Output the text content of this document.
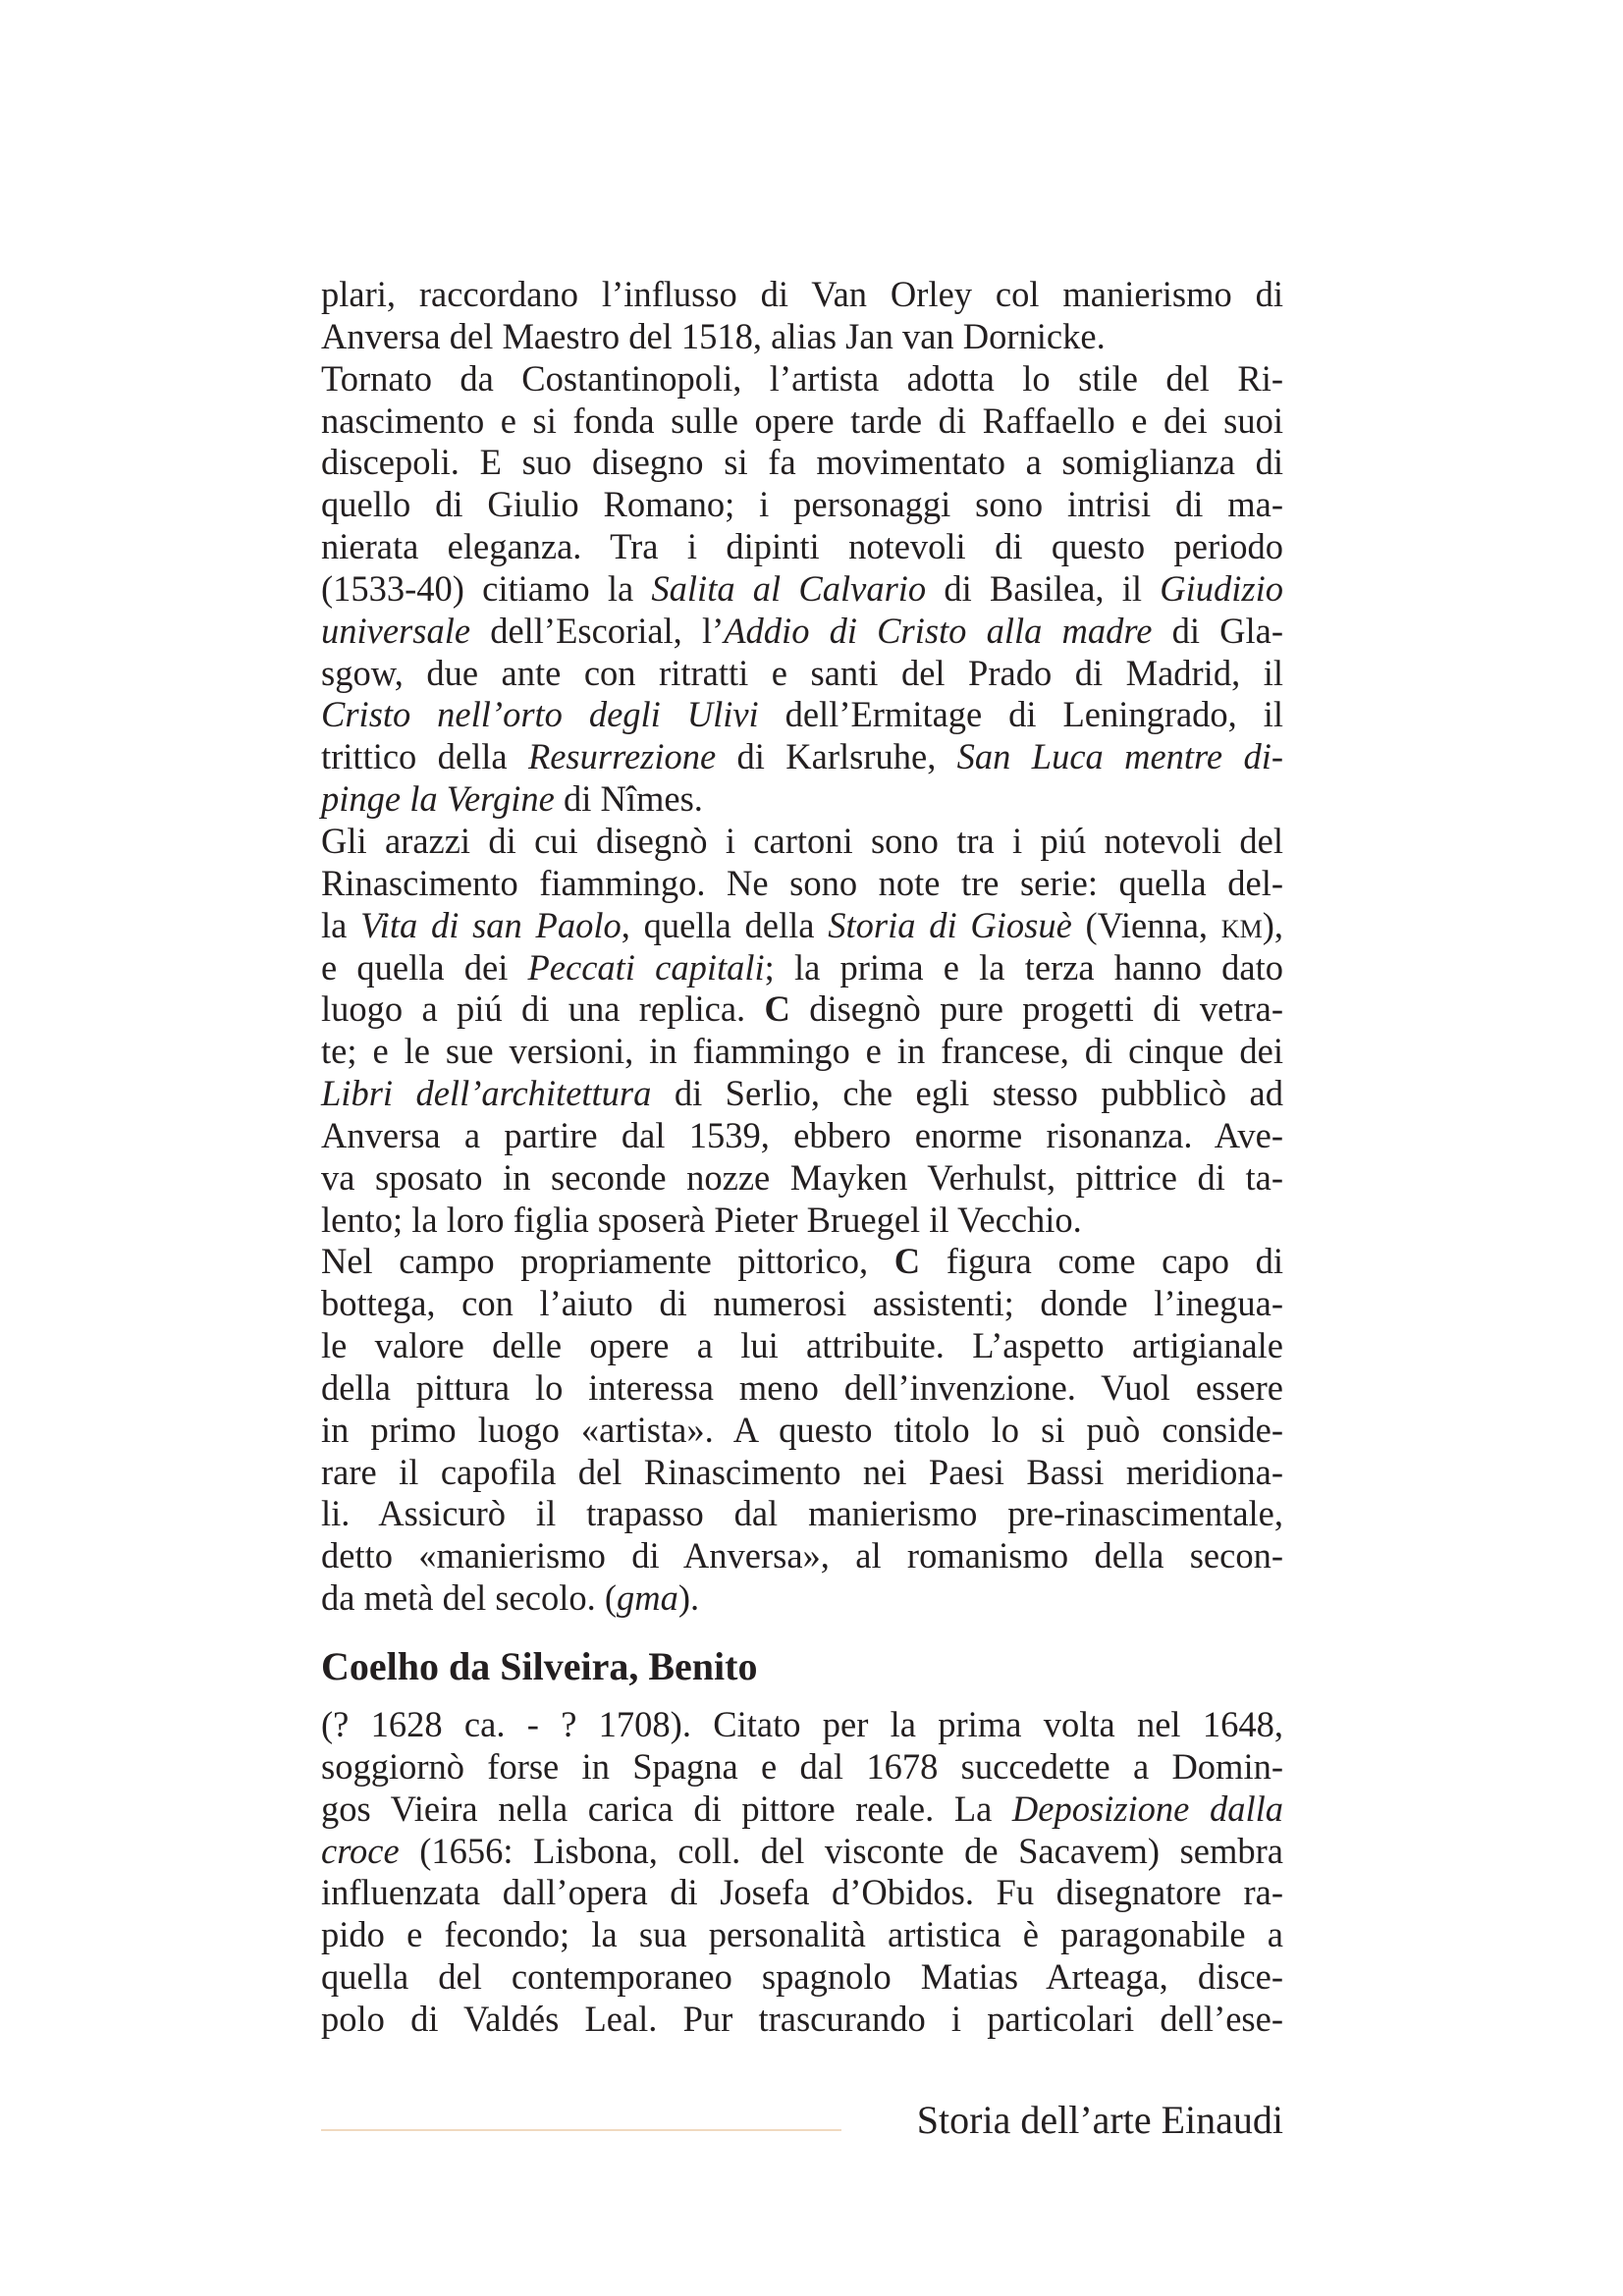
plari, raccordano l’influsso di Van Orley col manierismo di
Anversa del Maestro del 1518, alias Jan van Dornicke.
Tornato da Costantinopoli, l’artista adotta lo stile del Ri-
nascimento e si fonda sulle opere tarde di Raffaello e dei suoi
discepoli. E suo disegno si fa movimentato a somiglianza di
quello di Giulio Romano; i personaggi sono intrisi di ma-
nierata eleganza. Tra i dipinti notevoli di questo periodo
(1533-40) citiamo la Salita al Calvario di Basilea, il Giudizio
universale dell’Escorial, l’Addio di Cristo alla madre di Gla-
sgow, due ante con ritratti e santi del Prado di Madrid, il
Cristo nell’orto degli Ulivi dell’Ermitage di Leningrado, il
trittico della Resurrezione di Karlsruhe, San Luca mentre di-
pinge la Vergine di Nîmes.
Gli arazzi di cui disegnò i cartoni sono tra i piú notevoli del
Rinascimento fiammingo. Ne sono note tre serie: quella del-
la Vita di san Paolo, quella della Storia di Giosuè (Vienna, km),
e quella dei Peccati capitali; la prima e la terza hanno dato
luogo a piú di una replica. C disegnò pure progetti di vetra-
te; e le sue versioni, in fiammingo e in francese, di cinque dei
Libri dell’architettura di Serlio, che egli stesso pubblicò ad
Anversa a partire dal 1539, ebbero enorme risonanza. Ave-
va sposato in seconde nozze Mayken Verhulst, pittrice di ta-
lento; la loro figlia sposerà Pieter Bruegel il Vecchio.
Nel campo propriamente pittorico, C figura come capo di
bottega, con l’aiuto di numerosi assistenti; donde l’inegua-
le valore delle opere a lui attribuite. L’aspetto artigianale
della pittura lo interessa meno dell’invenzione. Vuol essere
in primo luogo «artista». A questo titolo lo si può conside-
rare il capofila del Rinascimento nei Paesi Bassi meridiona-
li. Assicurò il trapasso dal manierismo pre-rinascimentale,
detto «manierismo di Anversa», al romanismo della secon-
da metà del secolo. (gma).
Coelho da Silveira, Benito
(? 1628 ca. - ? 1708). Citato per la prima volta nel 1648,
soggiornò forse in Spagna e dal 1678 succedette a Domin-
gos Vieira nella carica di pittore reale. La Deposizione dalla
croce (1656: Lisbona, coll. del visconte de Sacavem) sembra
influenzata dall’opera di Josefa d’Obidos. Fu disegnatore ra-
pido e fecondo; la sua personalità artistica è paragonabile a
quella del contemporaneo spagnolo Matias Arteaga, disce-
polo di Valdés Leal. Pur trascurando i particolari dell’ese-
Storia dell’arte Einaudi
